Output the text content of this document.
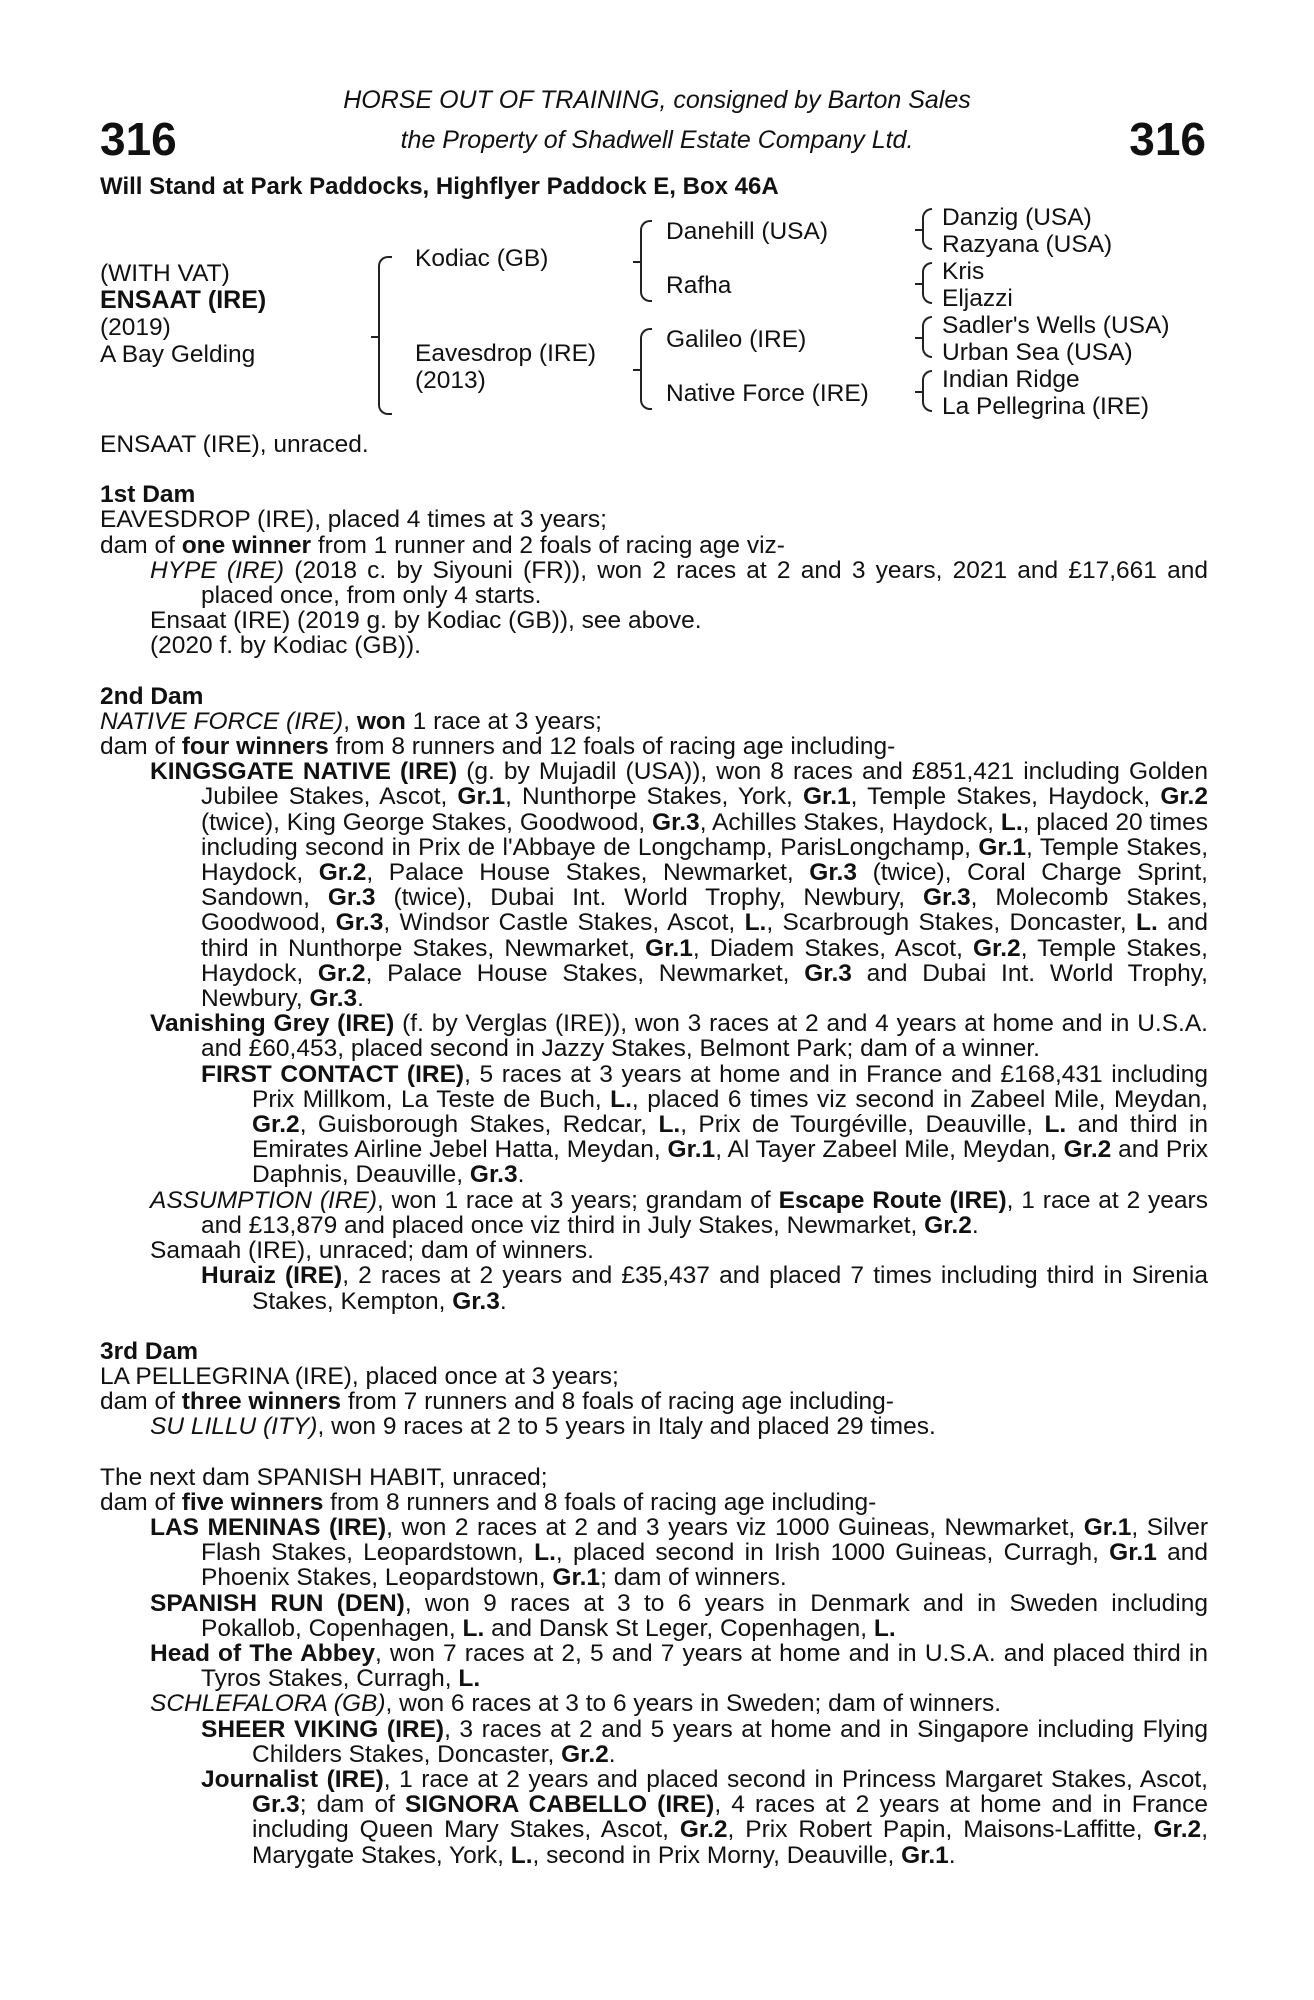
316	316
HORSE OUT OF TRAINING, consigned by Barton Sales
the Property of Shadwell Estate Company Ltd.
Will Stand at Park Paddocks, Highflyer Paddock E, Box 46A
(WITH VAT)
ENSAAT (IRE)
(2019)
A Bay Gelding
Kodiac (GB)
Eavesdrop (IRE)
(2013)
Danehill (USA)
Rafha
Galileo (IRE)
Native Force (IRE)
Danzig (USA)
Razyana (USA)
Kris
Eljazzi
Sadler's Wells (USA)
Urban Sea (USA)
Indian Ridge
La Pellegrina (IRE)

ENSAAT (IRE), unraced.

1st Dam

EAVESDROP (IRE), placed 4 times at 3 years;

dam of one winner from 1 runner and 2 foals of racing age viz-

HYPE (IRE) (2018 c. by Siyouni (FR)), won 2 races at 2 and 3 years, 2021 and £17,661 and placed once, from only 4 starts.

Ensaat (IRE) (2019 g. by Kodiac (GB)), see above.

(2020 f. by Kodiac (GB)).

2nd Dam

NATIVE FORCE (IRE), won 1 race at 3 years;

dam of four winners from 8 runners and 12 foals of racing age including-

KINGSGATE NATIVE (IRE) (g. by Mujadil (USA)), won 8 races and £851,421 including Golden Jubilee Stakes, Ascot, Gr.1, Nunthorpe Stakes, York, Gr.1, Temple Stakes, Haydock, Gr.2 (twice), King George Stakes, Goodwood, Gr.3, Achilles Stakes, Haydock, L., placed 20 times including second in Prix de l'Abbaye de Longchamp, ParisLongchamp, Gr.1, Temple Stakes, Haydock, Gr.2, Palace House Stakes, Newmarket, Gr.3 (twice), Coral Charge Sprint, Sandown, Gr.3 (twice), Dubai Int. World Trophy, Newbury, Gr.3, Molecomb Stakes, Goodwood, Gr.3, Windsor Castle Stakes, Ascot, L., Scarbrough Stakes, Doncaster, L. and third in Nunthorpe Stakes, Newmarket, Gr.1, Diadem Stakes, Ascot, Gr.2, Temple Stakes, Haydock, Gr.2, Palace House Stakes, Newmarket, Gr.3 and Dubai Int. World Trophy, Newbury, Gr.3.

Vanishing Grey (IRE) (f. by Verglas (IRE)), won 3 races at 2 and 4 years at home and in U.S.A. and £60,453, placed second in Jazzy Stakes, Belmont Park; dam of a winner.

FIRST CONTACT (IRE), 5 races at 3 years at home and in France and £168,431 including Prix Millkom, La Teste de Buch, L., placed 6 times viz second in Zabeel Mile, Meydan, Gr.2, Guisborough Stakes, Redcar, L., Prix de Tourgéville, Deauville, L. and third in Emirates Airline Jebel Hatta, Meydan, Gr.1, Al Tayer Zabeel Mile, Meydan, Gr.2 and Prix Daphnis, Deauville, Gr.3.

ASSUMPTION (IRE), won 1 race at 3 years; grandam of Escape Route (IRE), 1 race at 2 years and £13,879 and placed once viz third in July Stakes, Newmarket, Gr.2.

Samaah (IRE), unraced; dam of winners.

Huraiz (IRE), 2 races at 2 years and £35,437 and placed 7 times including third in Sirenia Stakes, Kempton, Gr.3.

3rd Dam

LA PELLEGRINA (IRE), placed once at 3 years;

dam of three winners from 7 runners and 8 foals of racing age including-

SU LILLU (ITY), won 9 races at 2 to 5 years in Italy and placed 29 times.

The next dam SPANISH HABIT, unraced;

dam of five winners from 8 runners and 8 foals of racing age including-

LAS MENINAS (IRE), won 2 races at 2 and 3 years viz 1000 Guineas, Newmarket, Gr.1, Silver Flash Stakes, Leopardstown, L., placed second in Irish 1000 Guineas, Curragh, Gr.1 and Phoenix Stakes, Leopardstown, Gr.1; dam of winners.

SPANISH RUN (DEN), won 9 races at 3 to 6 years in Denmark and in Sweden including Pokallob, Copenhagen, L. and Dansk St Leger, Copenhagen, L.

Head of The Abbey, won 7 races at 2, 5 and 7 years at home and in U.S.A. and placed third in Tyros Stakes, Curragh, L.

SCHLEFALORA (GB), won 6 races at 3 to 6 years in Sweden; dam of winners.

SHEER VIKING (IRE), 3 races at 2 and 5 years at home and in Singapore including Flying Childers Stakes, Doncaster, Gr.2.

Journalist (IRE), 1 race at 2 years and placed second in Princess Margaret Stakes, Ascot, Gr.3; dam of SIGNORA CABELLO (IRE), 4 races at 2 years at home and in France including Queen Mary Stakes, Ascot, Gr.2, Prix Robert Papin, Maisons-Laffitte, Gr.2, Marygate Stakes, York, L., second in Prix Morny, Deauville, Gr.1.
